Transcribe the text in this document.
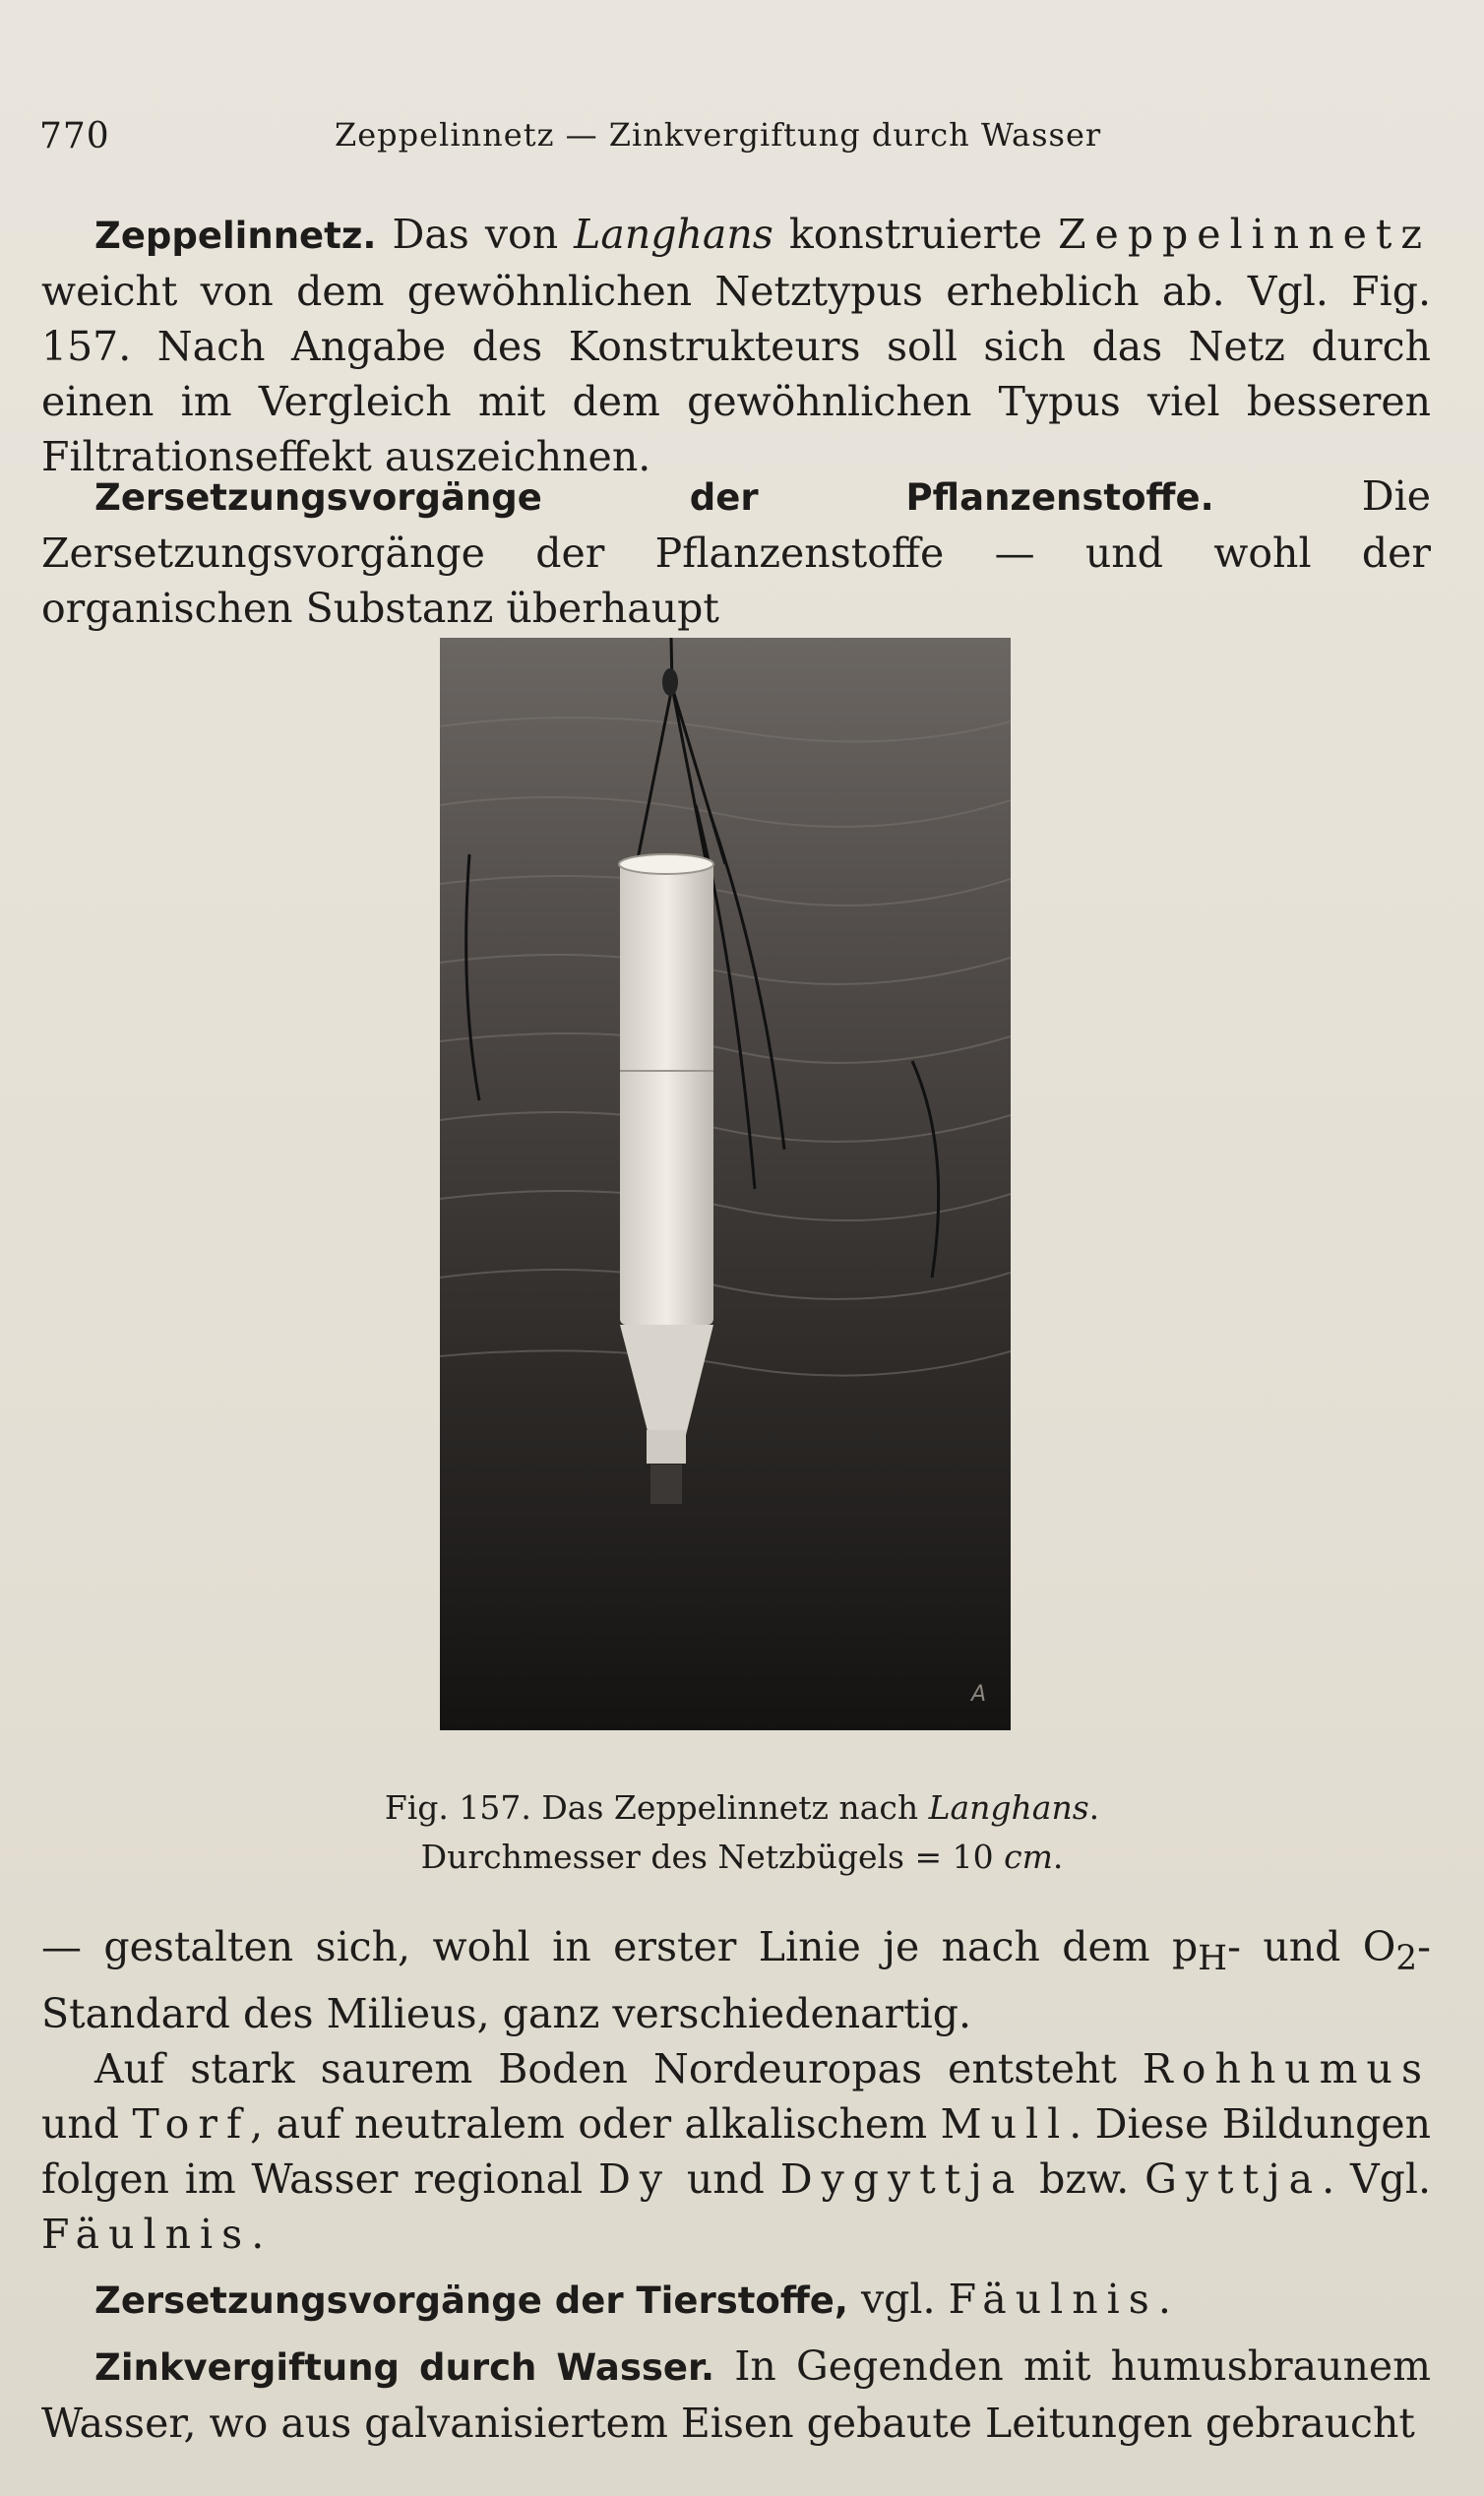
770	Zeppelinnetz — Zinkvergiftung durch Wasser

Zeppelinnetz. Das von Langhans konstruierte Zeppelinnetz weicht von dem gewöhnlichen Netztypus erheblich ab. Vgl. Fig. 157. Nach Angabe des Konstrukteurs soll sich das Netz durch einen im Vergleich mit dem gewöhnlichen Typus viel besseren Filtrationseffekt auszeichnen.

Zersetzungsvorgänge der Pflanzenstoffe.	Die Zersetzungsvorgänge der Pflanzenstoffe — und wohl der organischen Substanz überhaupt

A
Fig. 157. Das Zeppelinnetz nach Langhans.
Durchmesser des Netzbügels = 10 cm.

— gestalten sich, wohl in erster Linie je nach dem $p_H-$ und $O_2$-Standard des Milieus, ganz verschiedenartig.

Auf stark saurem Boden Nordeuropas entsteht Rohhumus und Torf, auf neutralem oder alkalischem Mull. Diese Bildungen folgen im Wasser regional Dy und Dygyttja bzw. Gyttja. Vgl. Fäulnis.

Zersetzungsvorgänge der Tierstoffe, vgl. Fäulnis.

Zinkvergiftung durch Wasser. In Gegenden mit humusbraunem Wasser, wo aus galvanisiertem Eisen gebaute Leitungen gebraucht
